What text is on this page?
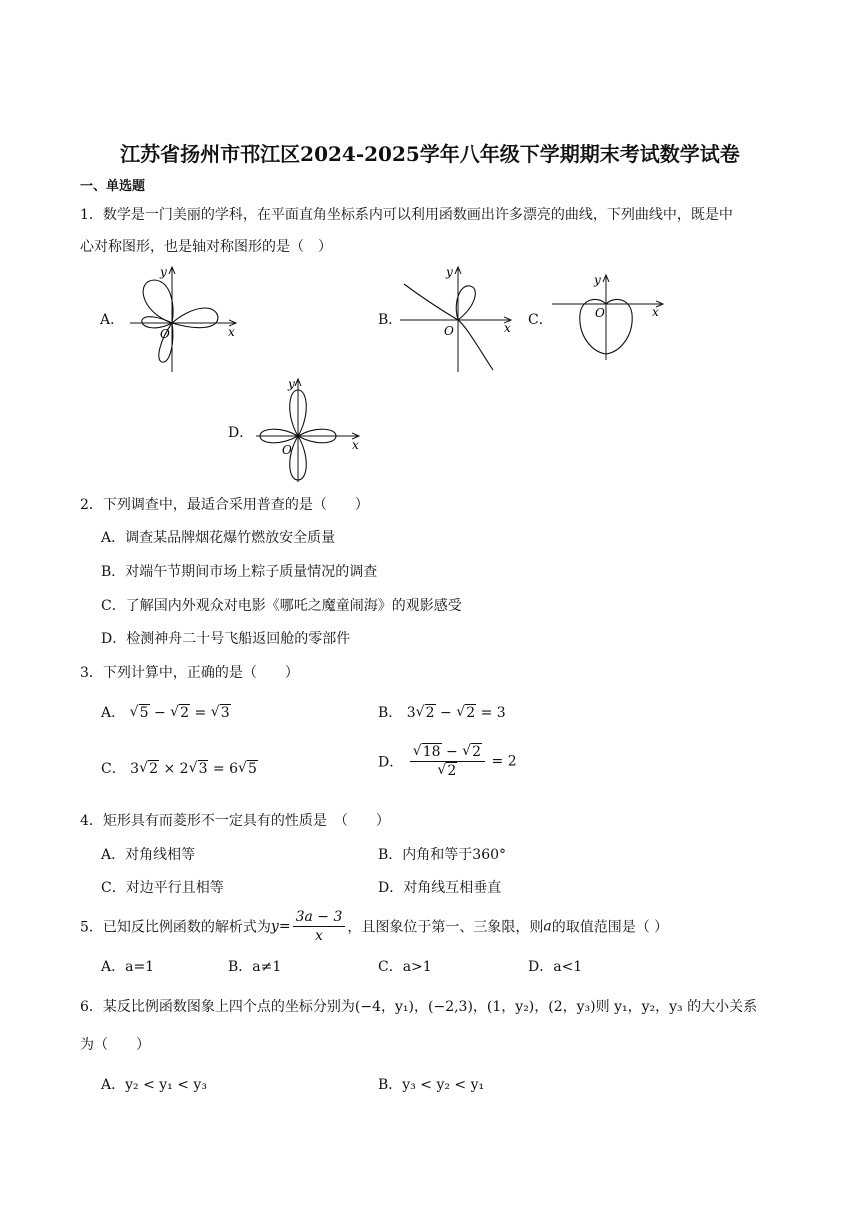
江苏省扬州市邗江区2024-2025学年八年级下学期期末考试数学试卷
一、单选题
1．数学是一门美丽的学科，在平面直角坐标系内可以利用函数画出许多漂亮的曲线，下列曲线中，既是中
心对称图形，也是轴对称图形的是（　）
A．
O	x
y
B．
O	x
y
C．	O	x
y
D．
O	x
y
2．下列调查中，最适合采用普查的是（　　）
A．调查某品牌烟花爆竹燃放安全质量
B．对端午节期间市场上粽子质量情况的调查
C．了解国内外观众对电影《哪吒之魔童闹海》的观影感受
D．检测神舟二十号飞船返回舱的零部件
3．下列计算中，正确的是（　　）
A． √ 5 − √ 2 = √ 3	B． 3 √ 2 − √ 2 = 3
C． 3 √ 2 × 2 √ 3 = 6 √ 5	D． √ 18 − √ 2
√ 2 = 2
4．矩形具有而菱形不一定具有的性质是　（　　）
A．对角线相等	B．内角和等于360°
C．对边平行且相等	D．对角线互相垂直
5．已知反比例函数的解析式为$y= \frac{3a - 3}{x}$ ，且图象位于第一、三象限，则a的取值范围是（ ）
A．a=1	B．a≠1	C．a>1	D．a<1
6．某反比例函数图象上四个点的坐标分别为(−4，y₁)，(−2,3)，(1，y₂)，(2，y₃)则 y₁，y₂，y₃ 的大小关系
为（　　）
A．y₂ < y₁ < y₃	B．y₃ < y₂ < y₁
